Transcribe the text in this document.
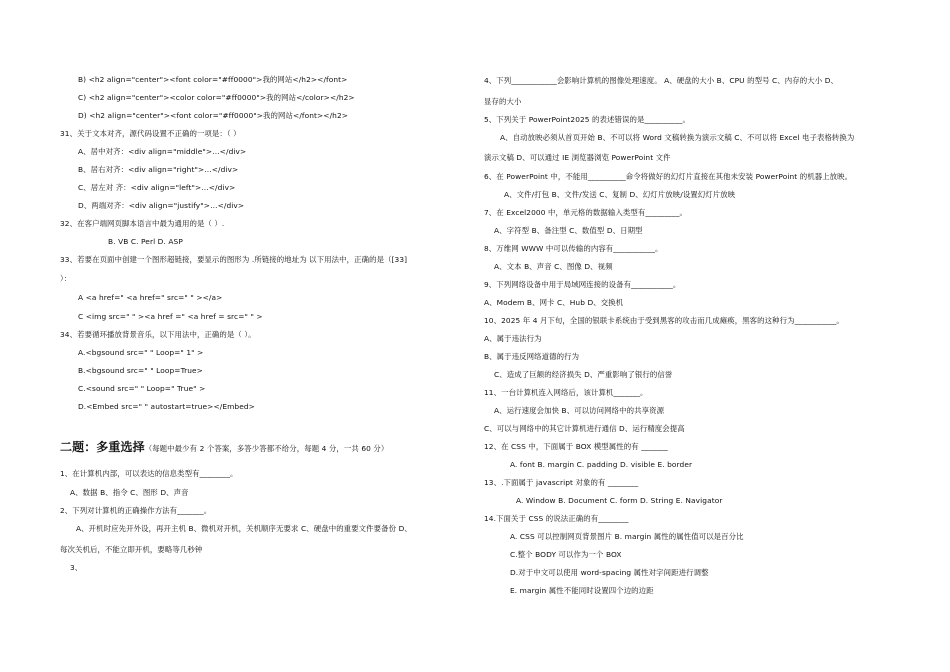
B) <h2 align="center"><font color="#ff0000">我的网站</h2></font>
C) <h2 align="center"><color color="#ff0000">我的网站</color></h2>
D) <h2 align="center"><font color="#ff0000">我的网站</font></h2>
31、关于文本对齐，源代码设置不正确的一项是：（ ）
A、居中对齐：<div align="middle">…</div>
B、居右对齐：<div align="right">…</div>
C、居左对 齐：<div align="left">…</div>
D、两端对齐：<div align="justify">…</div>
32、在客户端网页脚本语言中最为通用的是（ ）.
B. VB C. Perl D. ASP
33、若要在页面中创建一个图形超链接，要显示的图形为 .所链接的地址为 以下用法中，正确的是（[33]
）：
A <a href=" <a href=" src=" " ></a>
C <img src=" " ><a href =" <a href = src=" " >
34、若要循环播放背景音乐，以下用法中，正确的是（ ）。
A.<bgsound src=" " Loop=" 1" >
B.<bgsound src=" " Loop=True>
C.<sound src=" " Loop=" True" >
D.<Embed src=" " autostart=true></Embed>
二题：多重选择（每题中最少有 2 个答案，多答少答都不给分，每题 4 分，一共 60 分）
1、在计算机内部，可以表达的信息类型有________。
A、数据 B、指令 C、图形 D、声音
2、下列对计算机的正确操作方法有_______。
A、开机时应先开外设，再开主机 B、微机对开机，关机顺序无要求 C、硬盘中的重要文件要备份 D、
每次关机后，不能立即开机，要略等几秒钟
3、
4、下列____________会影响计算机的图像处理速度。 A、硬盘的大小 B、CPU 的型号 C、内存的大小 D、
显存的大小
5、下列关于 PowerPoint2025 的表述错误的是__________。
A、自动放映必须从首页开始 B、不可以将 Word 文稿转换为演示文稿 C、不可以将 Excel 电子表格转换为
演示文稿 D、可以通过 IE 浏览器浏览 PowerPoint 文件
6、在 PowerPoint 中，不能用__________命令将做好的幻灯片直接在其他未安装 PowerPoint 的机器上放映。
A、文件/打包 B、文件/发送 C、复制 D、幻灯片放映/设置幻灯片放映
7、在 Excel2000 中，单元格的数据输入类型有_________。
A、字符型 B、备注型 C、数值型 D、日期型
8、万维网 WWW 中可以传输的内容有___________。
A、文本 B、声音 C、图像 D、视频
9、下列网络设备中用于局域网连接的设备有___________。
A、Modem B、网卡 C、Hub D、交换机
10、2025 年 4 月下旬，全国的银联卡系统由于受到黑客的攻击而几成瘫痪，黑客的这种行为___________。
A、属于违法行为
B、属于违反网络道德的行为
C、造成了巨额的经济损失 D、严重影响了银行的信誉
11、一台计算机连入网络后，该计算机_______。
A、运行速度会加快 B、可以访问网络中的共享资源
C、可以与网络中的其它计算机进行通信 D、运行精度会提高
12、在 CSS 中，下面属于 BOX 模型属性的有 _______
A. font B. margin C. padding D. visible E. border
13、.下面属于 javascript 对象的有 ________
A. Window B. Document C. form D. String E. Navigator
14.下面关于 CSS 的说法正确的有________
A. CSS 可以控制网页背景图片 B. margin 属性的属性值可以是百分比
C.整个 BODY 可以作为一个 BOX
D.对于中文可以使用 word-spacing 属性对字间距进行调整
E. margin 属性不能同时设置四个边的边距
